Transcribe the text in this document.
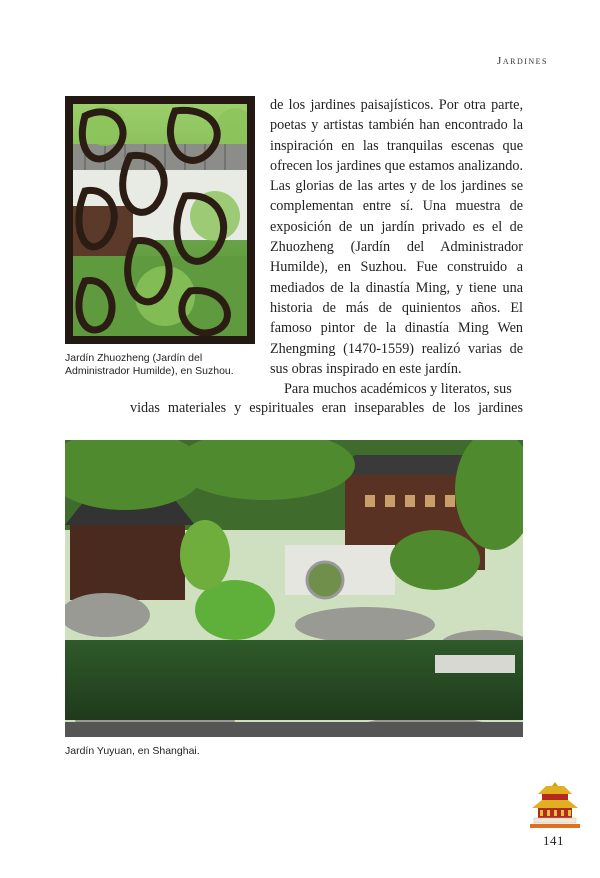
Jardines
Jardín Zhuozheng (Jardín del Administrador Humilde), en Suzhou.

de los jardines paisajísticos. Por otra parte, poetas y artistas también han encontrado la inspiración en las tranquilas escenas que ofrecen los jardines que estamos analizando. Las glorias de las artes y de los jardines se complementan entre sí. Una muestra de exposición de un jardín privado es el de Zhuozheng (Jardín del Administrador Humilde), en Suzhou. Fue construido a mediados de la dinastía Ming, y tiene una historia de más de quinientos años. El famoso pintor de la dinastía Ming Wen Zhengming (1470-1559) realizó varias de sus obras inspirado en este jardín.

Para muchos académicos y literatos, sus

vidas materiales y espirituales eran inseparables de los jardines
Jardín Yuyuan, en Shanghai.
141
